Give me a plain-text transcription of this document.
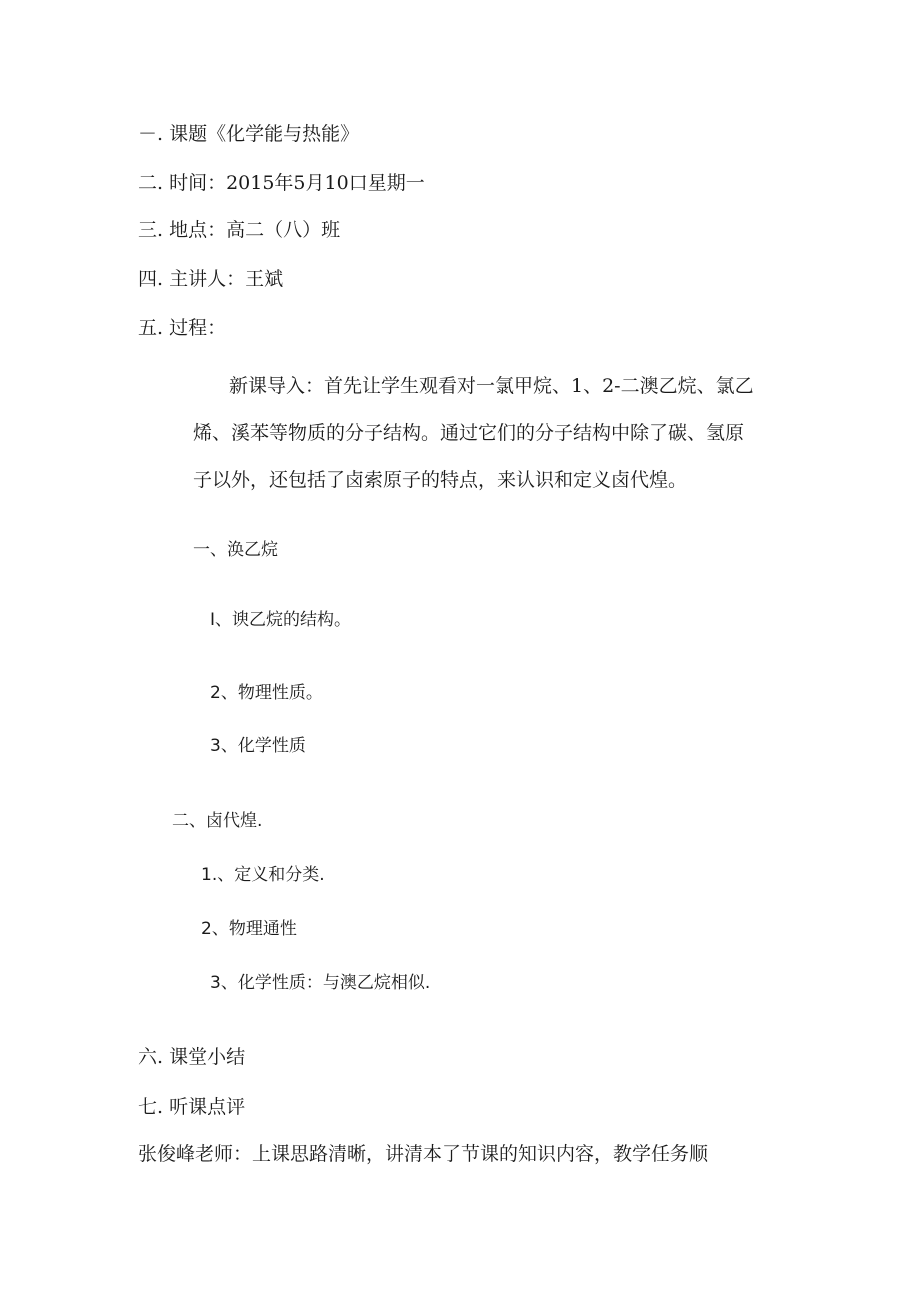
－. 课题《化学能与热能》
二. 时间：2015年5月10口星期一
三. 地点：高二（八）班
四. 主讲人：王斌
五. 过程：
新课导入：首先让学生观看对一氯甲烷、1、2-二澳乙烷、氯乙
烯、溪苯等物质的分子结构。通过它们的分子结构中除了碳、氢原
子以外，还包括了卤索原子的特点，来认识和定义卤代煌。
一、涣乙烷
I、谀乙烷的结构。
2、物理性质。
3、化学性质
二、卤代煌.
1.、定义和分类.
2、物理通性
3、化学性质：与澳乙烷相似.
六. 课堂小结
七. 听课点评
张俊峰老师：上课思路清晰，讲清本了节课的知识内容，教学任务顺
